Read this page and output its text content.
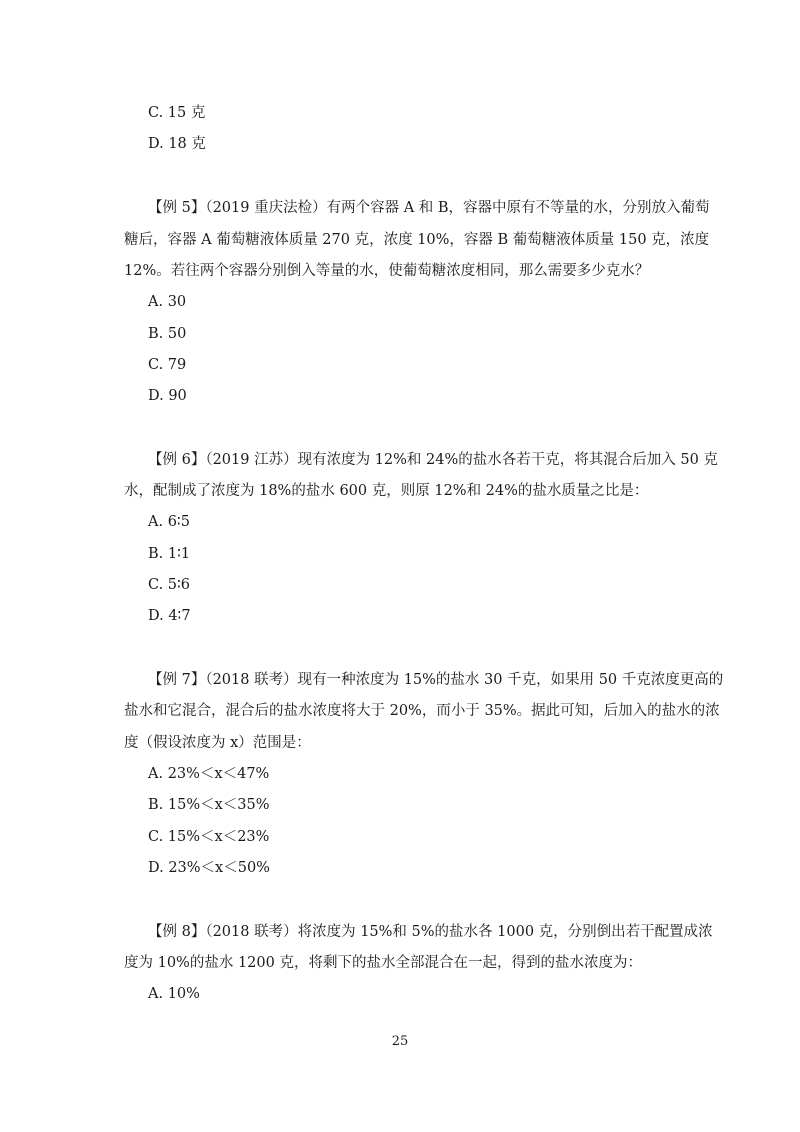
C. 15 克
D. 18 克
【例 5】（2019 重庆法检）有两个容器 A 和 B，容器中原有不等量的水，分别放入葡萄
糖后，容器 A 葡萄糖液体质量 270 克，浓度 10%，容器 B 葡萄糖液体质量 150 克，浓度
12%。若往两个容器分别倒入等量的水，使葡萄糖浓度相同，那么需要多少克水？
A. 30
B. 50
C. 79
D. 90
【例 6】（2019 江苏）现有浓度为 12%和 24%的盐水各若干克，将其混合后加入 50 克
水，配制成了浓度为 18%的盐水 600 克，则原 12%和 24%的盐水质量之比是：
A. 6∶5
B. 1∶1
C. 5∶6
D. 4∶7
【例 7】（2018 联考）现有一种浓度为 15%的盐水 30 千克，如果用 50 千克浓度更高的
盐水和它混合，混合后的盐水浓度将大于 20%，而小于 35%。据此可知，后加入的盐水的浓
度（假设浓度为 x）范围是：
A. 23%＜x＜47%
B. 15%＜x＜35%
C. 15%＜x＜23%
D. 23%＜x＜50%
【例 8】（2018 联考）将浓度为 15%和 5%的盐水各 1000 克，分别倒出若干配置成浓
度为 10%的盐水 1200 克，将剩下的盐水全部混合在一起，得到的盐水浓度为：
A. 10%
25
